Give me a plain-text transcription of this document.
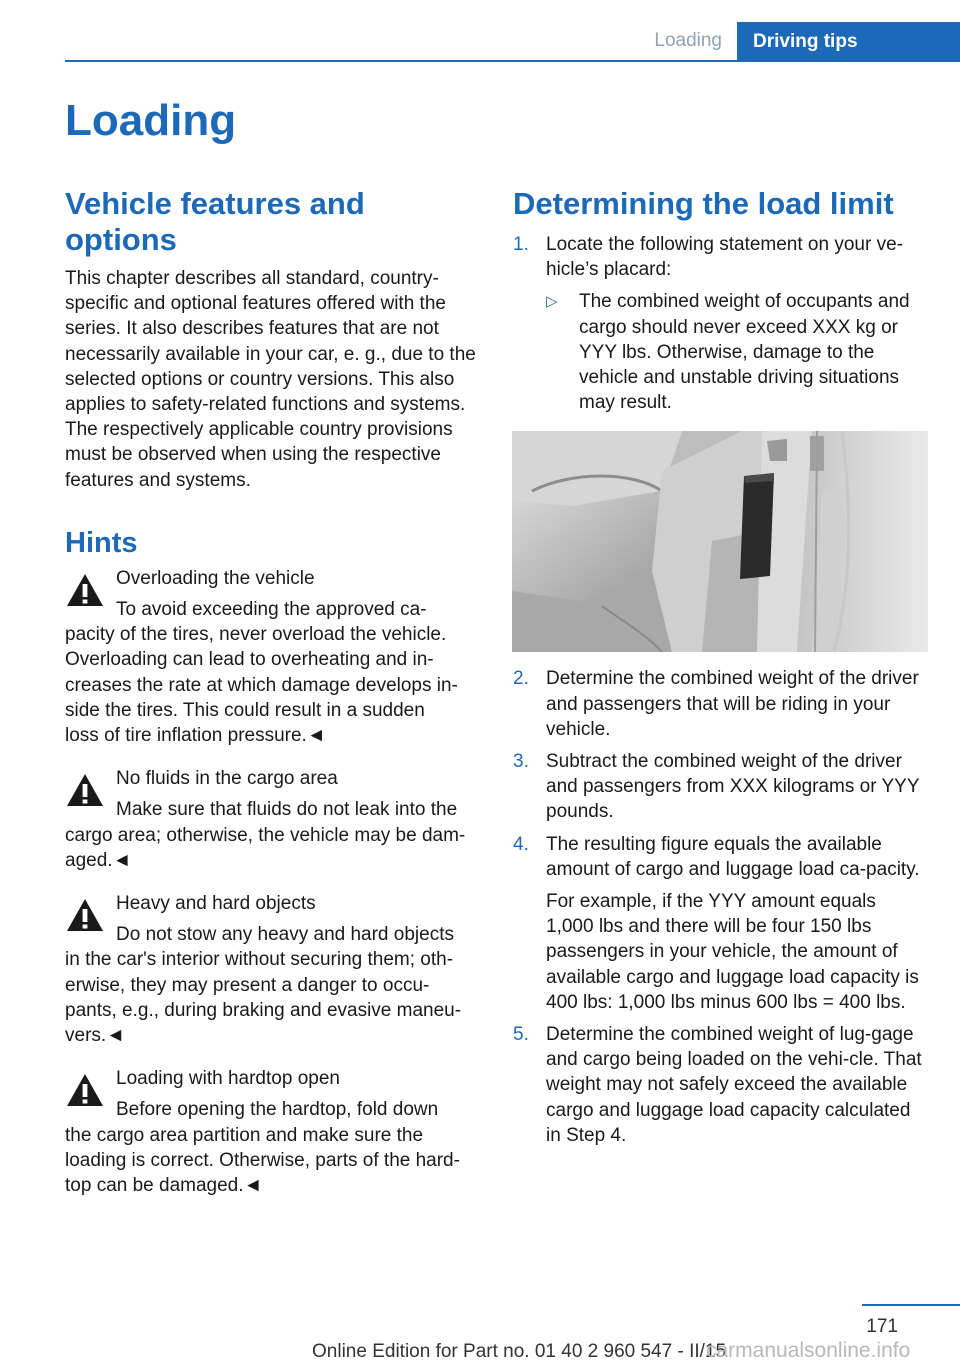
Loading Driving tips
Loading
Vehicle features and options

This chapter describes all standard, country-specific and optional features offered with the series. It also describes features that are not necessarily available in your car, e. g., due to the selected options or country versions. This also applies to safety-related functions and systems. The respectively applicable country provisions must be observed when using the respective features and systems.

Hints

Overloading the vehicle

To avoid exceeding the approved ca-

pacity of the tires, never overload the vehicle.

Overloading can lead to overheating and in-

creases the rate at which damage develops in-

side the tires. This could result in a sudden

loss of tire inflation pressure.◄

No fluids in the cargo area

Make sure that fluids do not leak into the

cargo area; otherwise, the vehicle may be dam-

aged.◄

Heavy and hard objects

Do not stow any heavy and hard objects

in the car's interior without securing them; oth-

erwise, they may present a danger to occu-

pants, e.g., during braking and evasive maneu-

vers.◄

Loading with hardtop open

Before opening the hardtop, fold down

the cargo area partition and make sure the

loading is correct. Otherwise, parts of the hard-

top can be damaged.◄

Determining the load limit
1. Locate the following statement on your ve-hicle’s placard:
▷	The combined weight of occupants and cargo should never exceed XXX kg or YYY lbs. Otherwise, damage to the vehicle and unstable driving situations may result.
2. Determine the combined weight of the driver and passengers that will be riding in your vehicle.
3. Subtract the combined weight of the driver and passengers from XXX kilograms or YYY pounds.
4. The resulting figure equals the available amount of cargo and luggage load ca-pacity.
For example, if the YYY amount equals 1,000 lbs and there will be four 150 lbs passengers in your vehicle, the amount of available cargo and luggage load capacity is 400 lbs: 1,000 lbs minus 600 lbs = 400 lbs.
5. Determine the combined weight of lug-gage and cargo being loaded on the vehi-cle. That weight may not safely exceed the available cargo and luggage load capacity calculated in Step 4.
171
Online Edition for Part no. 01 40 2 960 547 - II/15
carmanualsonline.info
